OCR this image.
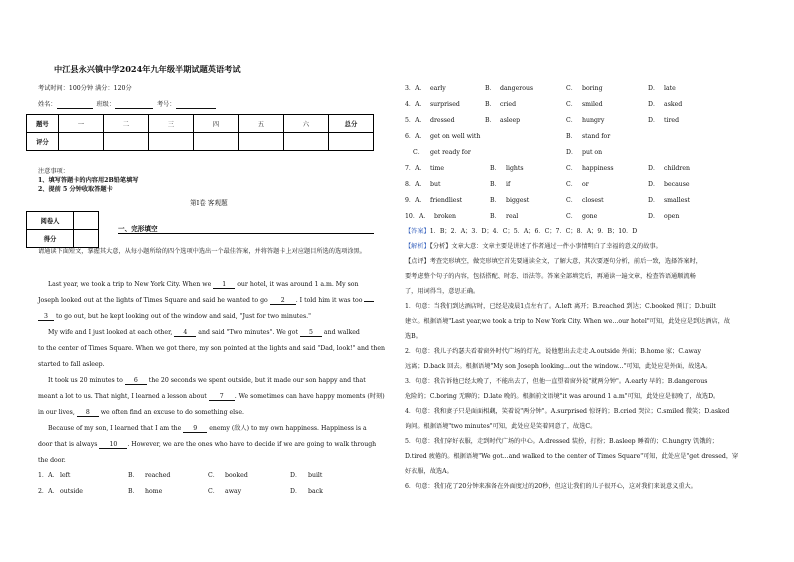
中江县永兴镇中学2024年九年级半期试题英语考试
考试时间：100分钟 满分：120分
姓名：	班级：	考号：
题号	一	二	三	四	五	六	总分
评分							
注意事项：
1、填写答题卡的内容用2B铅笔填写
2、提前 5 分钟收取答题卡
第Ⅰ卷 客观题
阅卷人	
得分	
一、完形填空
请通读下面短文，掌握其大意，从每小题所给的四个选项中选出一个最佳答案，并将答题卡上对应题目所选的选项涂黑。
Last year, we took a trip to New York City. When we 1 our hotel, it was around 1 a.m. My son
Joseph looked out at the lights of Times Square and said he wanted to go 2 . I told him it was too
3 to go out, but he kept looking out of the window and said, "Just for two minutes."
My wife and I just looked at each other, 4 and said "Two minutes". We got 5 and walked
to the center of Times Square. When we got there, my son pointed at the lights and said "Dad, look!" and then
started to fall asleep.
It took us 20 minutes to 6 the 20 seconds we spent outside, but it made our son happy and that
meant a lot to us. That night, I learned a lesson about 7 . We sometimes can have happy moments (时刻)
in our lives, 8 we often find an excuse to do something else.
Because of my son, I learned that I am the 9 enemy (敌人) to my own happiness. Happiness is a
door that is always 10 . However, we are the ones who have to decide if we are going to walk through
the door.
1．A． left	B． reached	C． booked	D． built
2．A． outside	B． home	C． away	D． back
3．A． early	B． dangerous	C． boring	D． late
4．A． surprised	B． cried	C． smiled	D． asked
5．A． dressed	B． asleep	C． hungry	D． tired
6．A． get on well with	B． stand for
C． get ready for	D． put on
7．A． time	B． lights	C． happiness	D． children
8．A． but	B． if	C． or	D． because
9．A． friendliest	B． biggest	C． closest	D． smallest
10．A． broken	B． real	C． gone	D． open
【答案】1．B；2．A；3．D；4．C；5．A；6．C；7．C；8．A；9．B；10．D
【解析】【分析】文章大意：文章主要是讲述了作者通过一件小事情明白了幸福的意义的故事。
【点评】考查完形填空，做完形填空首先要通读全文，了解大意，其次要逐句分析，前后一致，选择答案时，
要考虑整个句子的内容，包括搭配、时态、语法等。答案全部填完后，再通读一遍文章，检查答语通顺流畅
了，用词得当，意思正确。
1．句意：当我们到达酒店时，已经是凌晨1点左右了。A.left 离开；B.reached 到达；C.booked 预订；D.built
建立。根据语境"Last year,we took a trip to New York City. When we...our hotel"可知，此处应是到达酒店，故
选B。
2．句意：我儿子约瑟夫看着窗外时代广场的灯光，说他想出去走走.A.outside 外面；B.home 家；C.away
远离；D.back 回去。根据语境"My son Joseph looking...out the window..."可知，此处应是外面，故选A。
3．句意：我告诉他已经太晚了，不能出去了，但他一直望着窗外说"就两分钟"。A.early 早的；B.dangerous
危险的；C.boring 无聊的；D.late 晚的。根据前文语境"it was around 1 a.m"可知，此处应是很晚了，故选D。
4．句意：我和妻子只是面面相觑，笑着说"两分钟"。A.surprised 惊讶的；B.cried 哭泣；C.smiled 微笑；D.asked
询问。根据语境"two minutes"可知，此处应是笑着同意了，故选C。
5．句意：我们穿好衣服，走到时代广场的中心。A.dressed 装扮，打扮；B.asleep 睡着的；C.hungry 饥饿的；
D.tired 疲倦的。根据语境"We got...and walked to the center of Times Square"可知，此处应是"get dressed，穿
好衣服，故选A。
6．句意：我们花了20分钟来准备在外面度过的20秒，但这让我们的儿子很开心，这对我们来说意义重大。
